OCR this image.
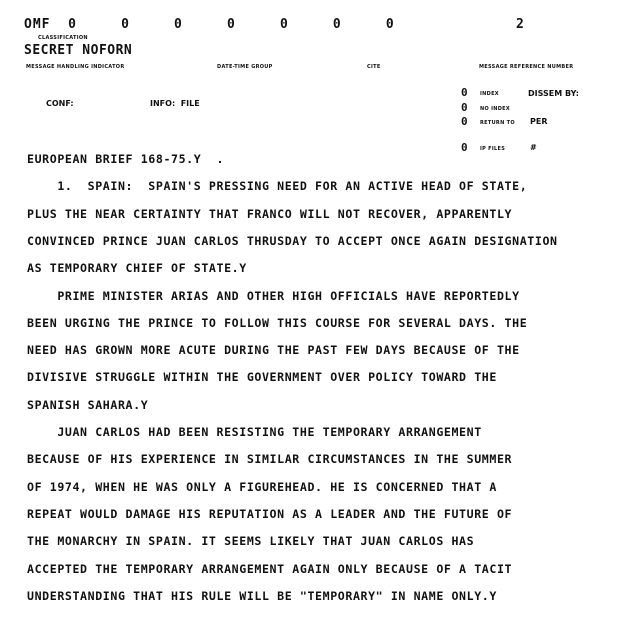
OMF  0     0     0     0     0     0     0	2
CLASSIFICATION
SECRET NOFORN
MESSAGE HANDLING INDICATOR	DATE-TIME GROUP	CITE	MESSAGE REFERENCE NUMBER
CONF:	INFO:  FILE
0 INDEX	DISSEM BY:
0 NO INDEX
0 RETURN TO PER
0 IP FILES	#
EUROPEAN BRIEF 168-75.Y  .
1.  SPAIN:  SPAIN'S PRESSING NEED FOR AN ACTIVE HEAD OF STATE,
PLUS THE NEAR CERTAINTY THAT FRANCO WILL NOT RECOVER, APPARENTLY
CONVINCED PRINCE JUAN CARLOS THRUSDAY TO ACCEPT ONCE AGAIN DESIGNATION
AS TEMPORARY CHIEF OF STATE.Y
PRIME MINISTER ARIAS AND OTHER HIGH OFFICIALS HAVE REPORTEDLY
BEEN URGING THE PRINCE TO FOLLOW THIS COURSE FOR SEVERAL DAYS. THE
NEED HAS GROWN MORE ACUTE DURING THE PAST FEW DAYS BECAUSE OF THE
DIVISIVE STRUGGLE WITHIN THE GOVERNMENT OVER POLICY TOWARD THE
SPANISH SAHARA.Y
JUAN CARLOS HAD BEEN RESISTING THE TEMPORARY ARRANGEMENT
BECAUSE OF HIS EXPERIENCE IN SIMILAR CIRCUMSTANCES IN THE SUMMER
OF 1974, WHEN HE WAS ONLY A FIGUREHEAD. HE IS CONCERNED THAT A
REPEAT WOULD DAMAGE HIS REPUTATION AS A LEADER AND THE FUTURE OF
THE MONARCHY IN SPAIN. IT SEEMS LIKELY THAT JUAN CARLOS HAS
ACCEPTED THE TEMPORARY ARRANGEMENT AGAIN ONLY BECAUSE OF A TACIT
UNDERSTANDING THAT HIS RULE WILL BE "TEMPORARY" IN NAME ONLY.Y
